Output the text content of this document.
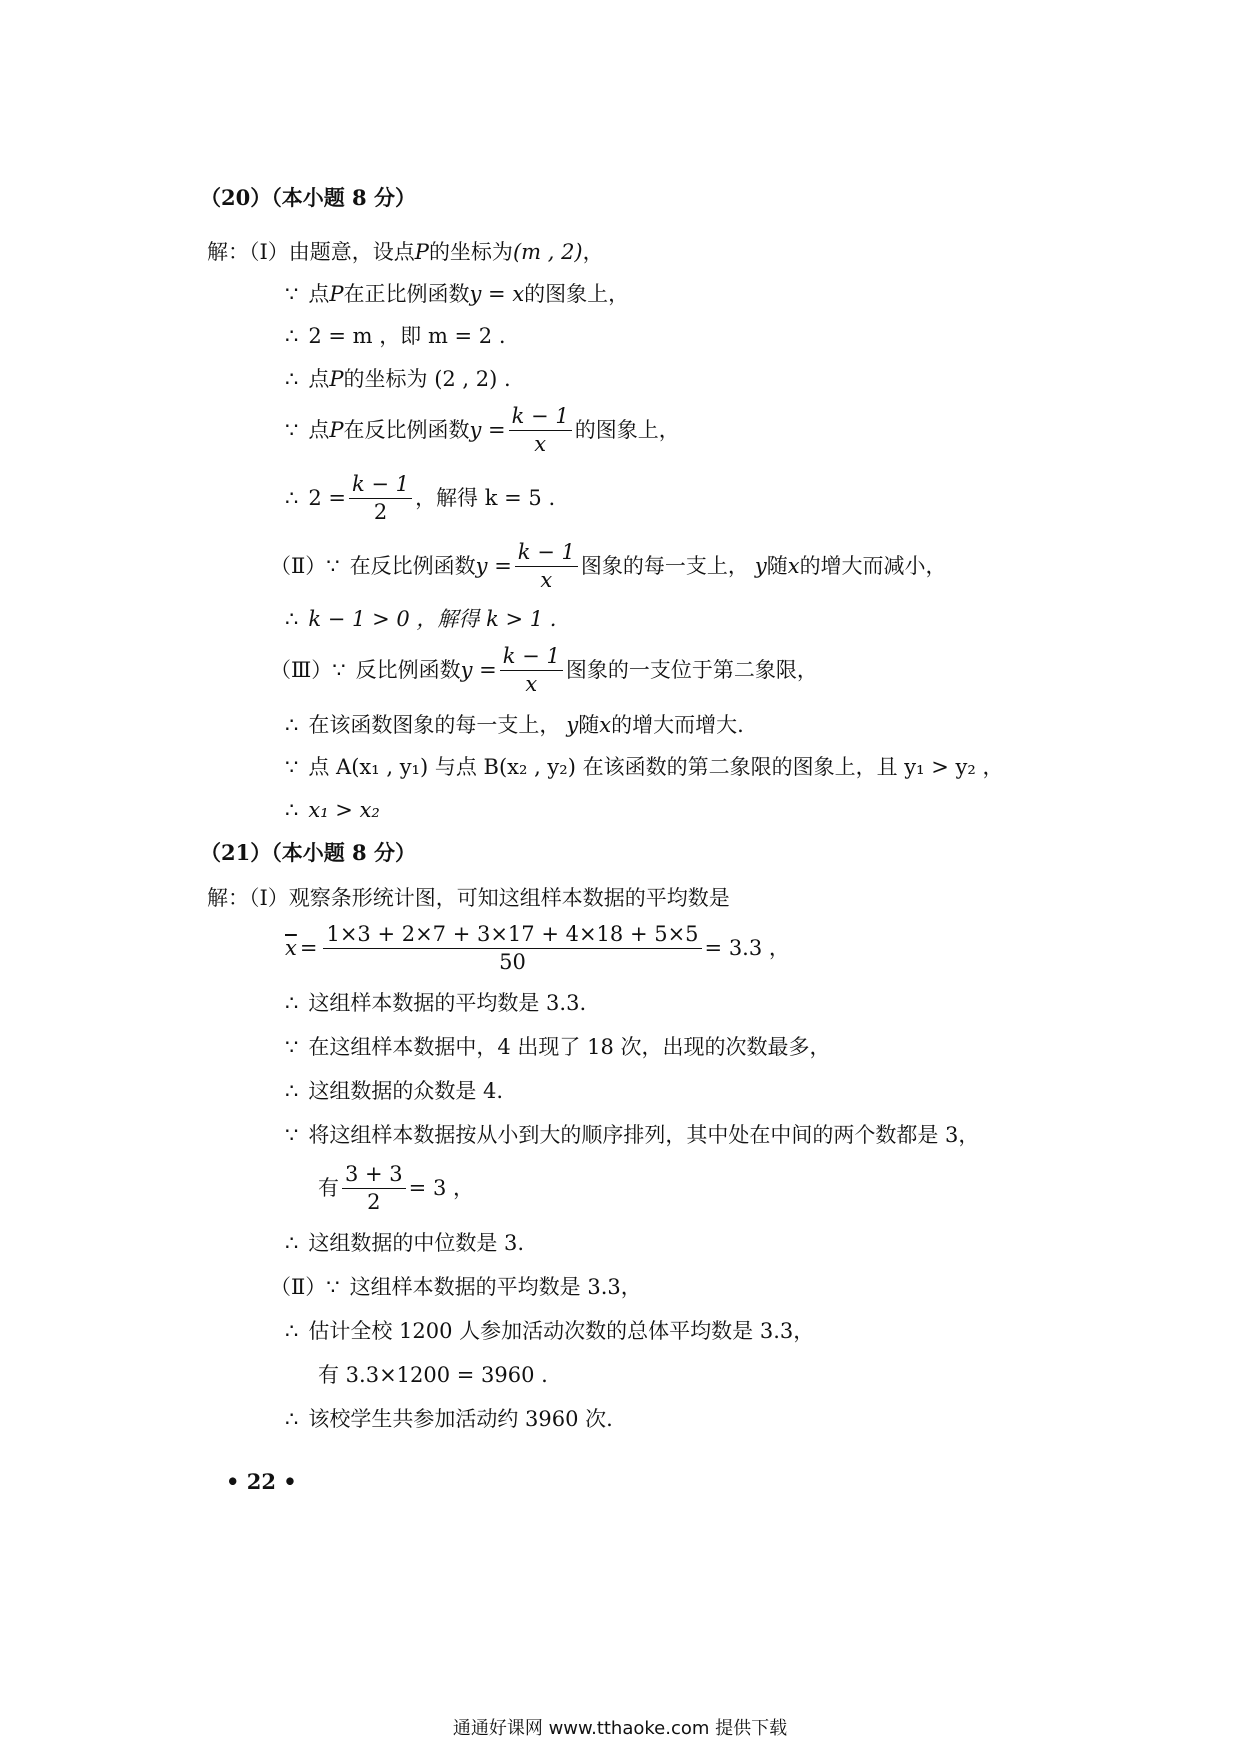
（20）（本小题 8 分）
解：（Ⅰ）由题意，设点 P 的坐标为 (m , 2) ，
∵ 点 P 在正比例函数 y = x 的图象上，
∴ 2 = m ，即 m = 2 .
∴ 点 P 的坐标为 (2 , 2) .
∵ 点 P 在反比例函数 $y = \frac{k - 1}{x}$ 的图象上，
∴ $2 = \frac{k - 1}{2}$ ，解得 k = 5 .
（Ⅱ） ∵ 在反比例函数 $y = \frac{k - 1}{x}$ 图象的每一支上， y 随 x 的增大而减小，
∴ k − 1 > 0 ，解得 k > 1 .
（Ⅲ） ∵ 反比例函数 $y = \frac{k - 1}{x}$ 图象的一支位于第二象限，
∴ 在该函数图象的每一支上， y 随 x 的增大而增大.
∵ 点 A(x₁ , y₁) 与点 B(x₂ , y₂) 在该函数的第二象限的图象上，且 y₁ > y₂ ，
∴ x₁ > x₂
（21）（本小题 8 分）
解：（Ⅰ）观察条形统计图，可知这组样本数据的平均数是
$\overline{x} = \frac{1\times 3 + 2\times 7 + 3\times 17 + 4\times 18 + 5\times 5}{50} = 3.3$ ，
∴ 这组样本数据的平均数是 3.3.
∵ 在这组样本数据中，4 出现了 18 次，出现的次数最多，
∴ 这组数据的众数是 4.
∵ 将这组样本数据按从小到大的顺序排列，其中处在中间的两个数都是 3，
有 $\frac{3 + 3}{2} = 3$ ，
∴ 这组数据的中位数是 3.
（Ⅱ） ∵ 这组样本数据的平均数是 3.3，
∴ 估计全校 1200 人参加活动次数的总体平均数是 3.3，
有 3.3×1200 = 3960 .
∴ 该校学生共参加活动约 3960 次.
• 22 •
通通好课网 www.tthaoke.com 提供下载
